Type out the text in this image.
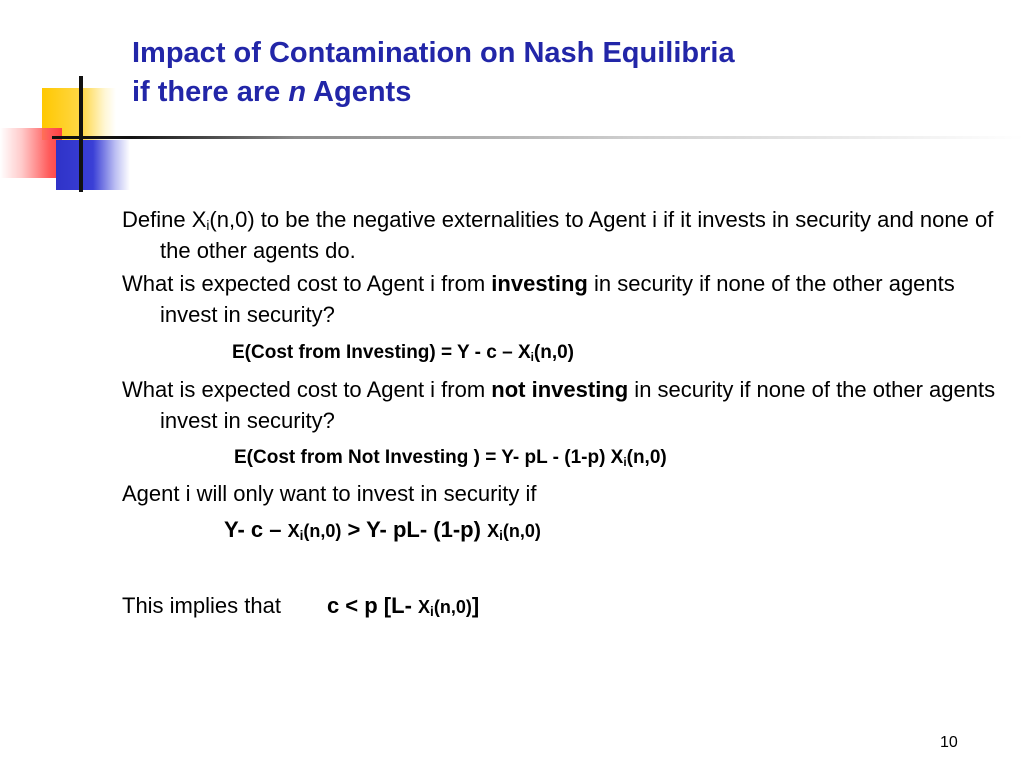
Impact of Contamination on Nash Equilibria
if there are n Agents

Define $X_i(n,0)$ to be the negative externalities to Agent i if it invests in security and none of the other agents do.

What is expected cost to Agent i from investing in security if none of the other agents invest in security?

E(Cost from Investing) = Y - c – $X_i(n,0)$

What is expected cost to Agent i from not investing in security if none of the other agents invest in security?

E(Cost from Not Investing ) = Y- pL - (1-p) $X_i(n,0)$

Agent i will only want to invest in security if

Y- $c - X_i(n,0) > Y-$ pL- (1-p) $X_i(n,0)$

This implies that c < p [L- $X_i(n,0)$]

10
